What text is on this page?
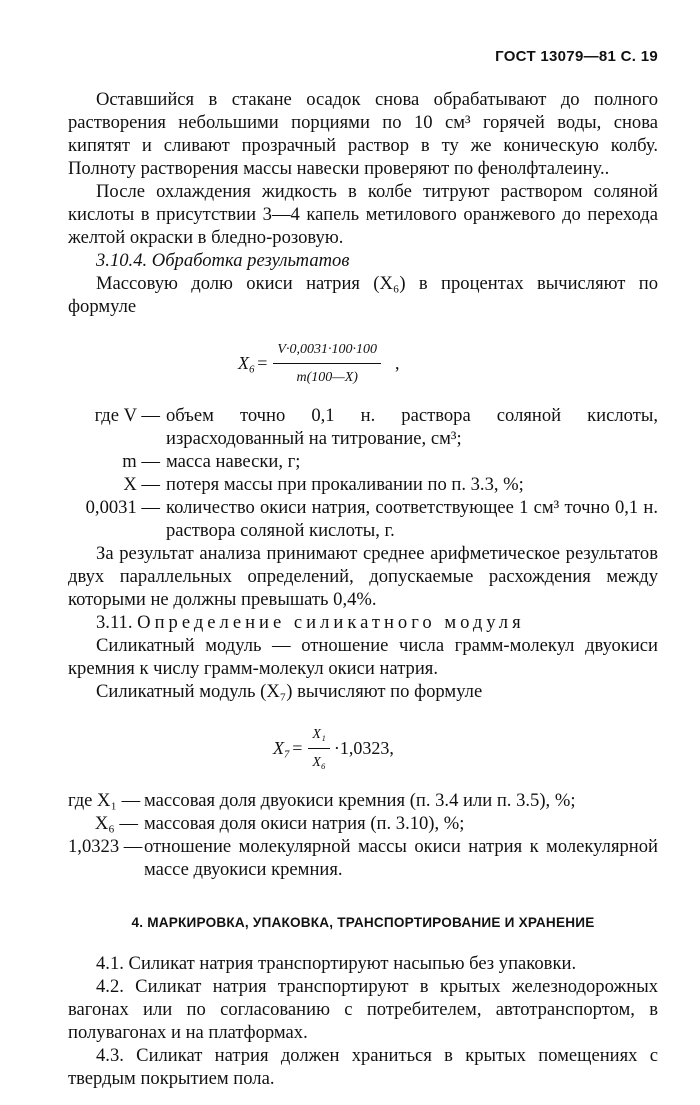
ГОСТ 13079—81 С. 19

Оставшийся в стакане осадок снова обрабатывают до полного растворения небольшими порциями по 10 см³ горячей воды, снова кипятят и сливают прозрачный раствор в ту же коническую колбу. Полноту растворения массы навески проверяют по фенолфталеину..

После охлаждения жидкость в колбе титруют раствором соляной кислоты в присутствии 3—4 капель метилового оранжевого до перехода желтой окраски в бледно-розовую.

3.10.4. Обработка результатов

Массовую долю окиси натрия (X₆) в процентах вычисляют по формуле

$X_6 = \frac{V\cdot 0,0031\cdot 100\cdot 100}{m(100—X)}$ ,
где V — объем точно 0,1 н. раствора соляной кислоты, израсходованный на титрование, см³;
m — масса навески, г;
X — потеря массы при прокаливании по п. 3.3, %;
0,0031 — количество окиси натрия, соответствующее 1 см³ точно 0,1 н. раствора соляной кислоты, г.

За результат анализа принимают среднее арифметическое результатов двух параллельных определений, допускаемые расхождения между которыми не должны превышать 0,4%.

3.11. Определение силикатного модуля

Силикатный модуль — отношение числа грамм-молекул двуокиси кремния к числу грамм-молекул окиси натрия.

Силикатный модуль (X₇) вычисляют по формуле

$X_7 = \frac{\text{X₁}}{\text{X₆}} \cdot 1,0323$,
где X₁ — массовая доля двуокиси кремния (п. 3.4 или п. 3.5), %;
X₆ — массовая доля окиси натрия (п. 3.10), %;
1,0323 — отношение молекулярной массы окиси натрия к молекулярной массе двуокиси кремния.
4. МАРКИРОВКА, УПАКОВКА, ТРАНСПОРТИРОВАНИЕ И ХРАНЕНИЕ

4.1. Силикат натрия транспортируют насыпью без упаковки.

4.2. Силикат натрия транспортируют в крытых железнодорожных вагонах или по согласованию с потребителем, автотранспортом, в полувагонах и на платформах.

4.3. Силикат натрия должен храниться в крытых помещениях с твердым покрытием пола.
